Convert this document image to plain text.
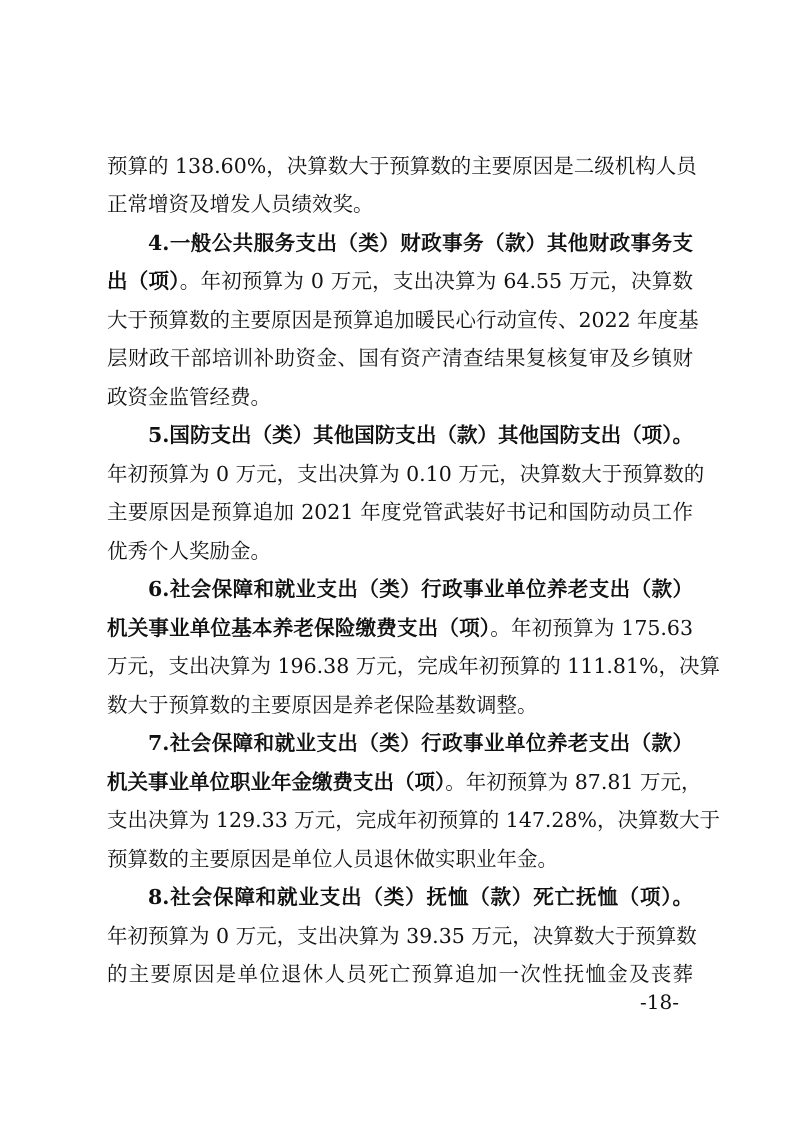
预算的 138.60%，决算数大于预算数的主要原因是二级机构人员
正常增资及增发人员绩效奖。
4.一般公共服务支出（类）财政事务（款）其他财政事务支
出（项）。年初预算为 0 万元，支出决算为 64.55 万元，决算数
大于预算数的主要原因是预算追加暖民心行动宣传、2022 年度基
层财政干部培训补助资金、国有资产清查结果复核复审及乡镇财
政资金监管经费。
5.国防支出（类）其他国防支出（款）其他国防支出（项）。
年初预算为 0 万元，支出决算为 0.10 万元，决算数大于预算数的
主要原因是预算追加 2021 年度党管武装好书记和国防动员工作
优秀个人奖励金。
6.社会保障和就业支出（类）行政事业单位养老支出（款）
机关事业单位基本养老保险缴费支出（项）。年初预算为 175.63
万元，支出决算为 196.38 万元，完成年初预算的 111.81%，决算
数大于预算数的主要原因是养老保险基数调整。
7.社会保障和就业支出（类）行政事业单位养老支出（款）
机关事业单位职业年金缴费支出（项）。年初预算为 87.81 万元，
支出决算为 129.33 万元，完成年初预算的 147.28%，决算数大于
预算数的主要原因是单位人员退休做实职业年金。
8.社会保障和就业支出（类）抚恤（款）死亡抚恤（项）。
年初预算为 0 万元，支出决算为 39.35 万元，决算数大于预算数
的主要原因是单位退休人员死亡预算追加一次性抚恤金及丧葬
-18-
